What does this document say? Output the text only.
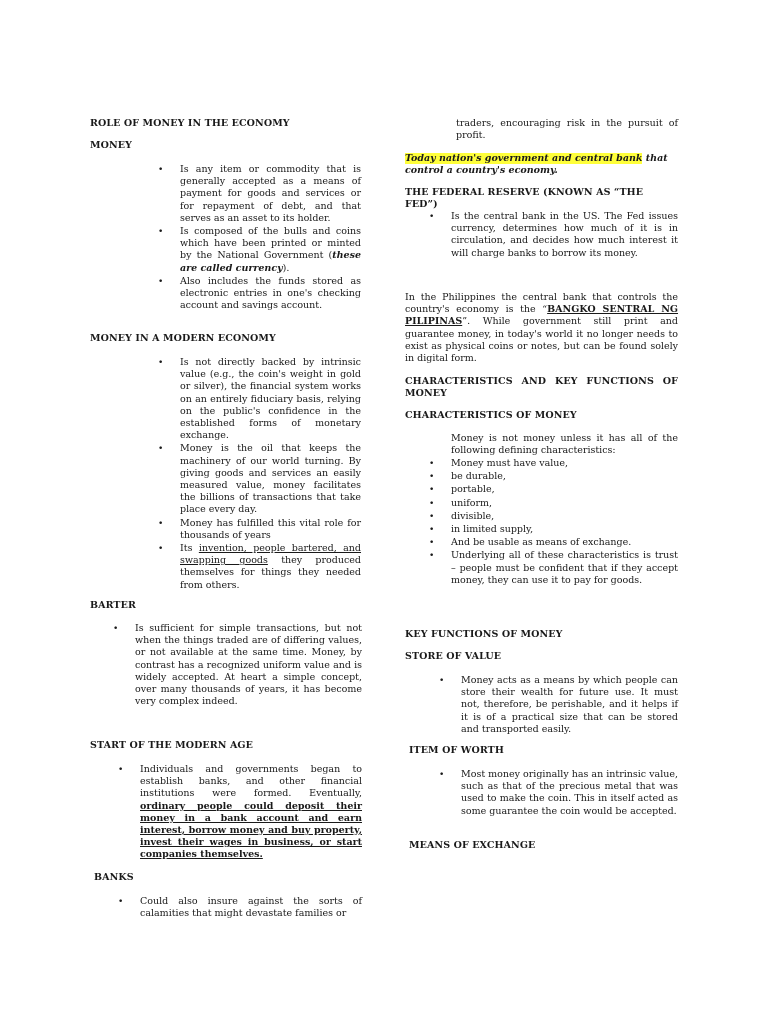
ROLE OF MONEY IN THE ECONOMY

MONEY

• Is any item or commodity that is generally accepted as a means of payment for goods and services or for repayment of debt, and that serves as an asset to its holder.
• Is composed of the bulls and coins which have been printed or minted by the National Government (these are called currency).
• Also includes the funds stored as electronic entries in one's checking account and savings account.

MONEY IN A MODERN ECONOMY

• Is not directly backed by intrinsic value (e.g., the coin's weight in gold or silver), the financial system works on an entirely fiduciary basis, relying on the public's confidence in the established forms of monetary exchange.
• Money is the oil that keeps the machinery of our world turning. By giving goods and services an easily measured value, money facilitates the billions of transactions that take place every day.
• Money has fulfilled this vital role for thousands of years
• Its invention, people bartered, and swapping goods they produced themselves for things they needed from others.

BARTER

• Is sufficient for simple transactions, but not when the things traded are of differing values, or not available at the same time. Money, by contrast has a recognized uniform value and is widely accepted. At heart a simple concept, over many thousands of years, it has become very complex indeed.

START OF THE MODERN AGE

• Individuals and governments began to establish banks, and other financial institutions were formed. Eventually, ordinary people could deposit their money in a bank account and earn interest, borrow money and buy property, invest their wages in business, or start companies themselves.

BANKS

• Could also insure against the sorts of calamities that might devastate families or

traders, encouraging risk in the pursuit of profit.

Today nation's government and central bank that
control a country's economy.

THE FEDERAL RESERVE (KNOWN AS “THE FED”)

• Is the central bank in the US. The Fed issues currency, determines how much of it is in circulation, and decides how much interest it will charge banks to borrow its money.

In the Philippines the central bank that controls the country's economy is the “BANGKO SENTRAL NG PILIPINAS”. While government still print and guarantee money, in today's world it no longer needs to exist as physical coins or notes, but can be found solely in digital form.

CHARACTERISTICS AND KEY FUNCTIONS OF MONEY

CHARACTERISTICS OF MONEY

Money is not money unless it has all of the following defining characteristics:

• Money must have value,
• be durable,
• portable,
• uniform,
• divisible,
• in limited supply,
• And be usable as means of exchange.
• Underlying all of these characteristics is trust – people must be confident that if they accept money, they can use it to pay for goods.

KEY FUNCTIONS OF MONEY

STORE OF VALUE

• Money acts as a means by which people can store their wealth for future use. It must not, therefore, be perishable, and it helps if it is of a practical size that can be stored and transported easily.

ITEM OF WORTH

• Most money originally has an intrinsic value, such as that of the precious metal that was used to make the coin. This in itself acted as some guarantee the coin would be accepted.

MEANS OF EXCHANGE
